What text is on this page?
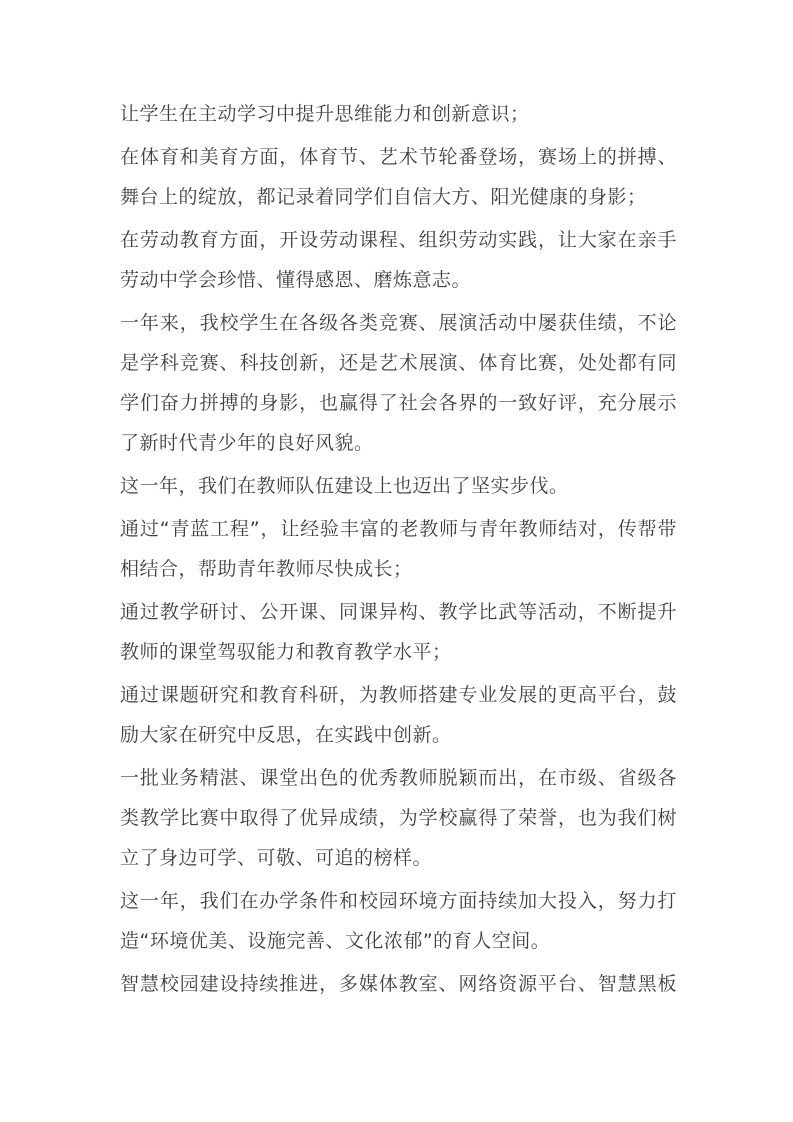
让学生在主动学习中提升思维能力和创新意识；
在体育和美育方面，体育节、艺术节轮番登场，赛场上的拼搏、
舞台上的绽放，都记录着同学们自信大方、阳光健康的身影；
在劳动教育方面，开设劳动课程、组织劳动实践，让大家在亲手
劳动中学会珍惜、懂得感恩、磨炼意志。
一年来，我校学生在各级各类竞赛、展演活动中屡获佳绩，不论
是学科竞赛、科技创新，还是艺术展演、体育比赛，处处都有同
学们奋力拼搏的身影，也赢得了社会各界的一致好评，充分展示
了新时代青少年的良好风貌。
这一年，我们在教师队伍建设上也迈出了坚实步伐。
通过“青蓝工程”，让经验丰富的老教师与青年教师结对，传帮带
相结合，帮助青年教师尽快成长；
通过教学研讨、公开课、同课异构、教学比武等活动，不断提升
教师的课堂驾驭能力和教育教学水平；
通过课题研究和教育科研，为教师搭建专业发展的更高平台，鼓
励大家在研究中反思，在实践中创新。
一批业务精湛、课堂出色的优秀教师脱颖而出，在市级、省级各
类教学比赛中取得了优异成绩，为学校赢得了荣誉，也为我们树
立了身边可学、可敬、可追的榜样。
这一年，我们在办学条件和校园环境方面持续加大投入，努力打
造“环境优美、设施完善、文化浓郁”的育人空间。
智慧校园建设持续推进，多媒体教室、网络资源平台、智慧黑板
